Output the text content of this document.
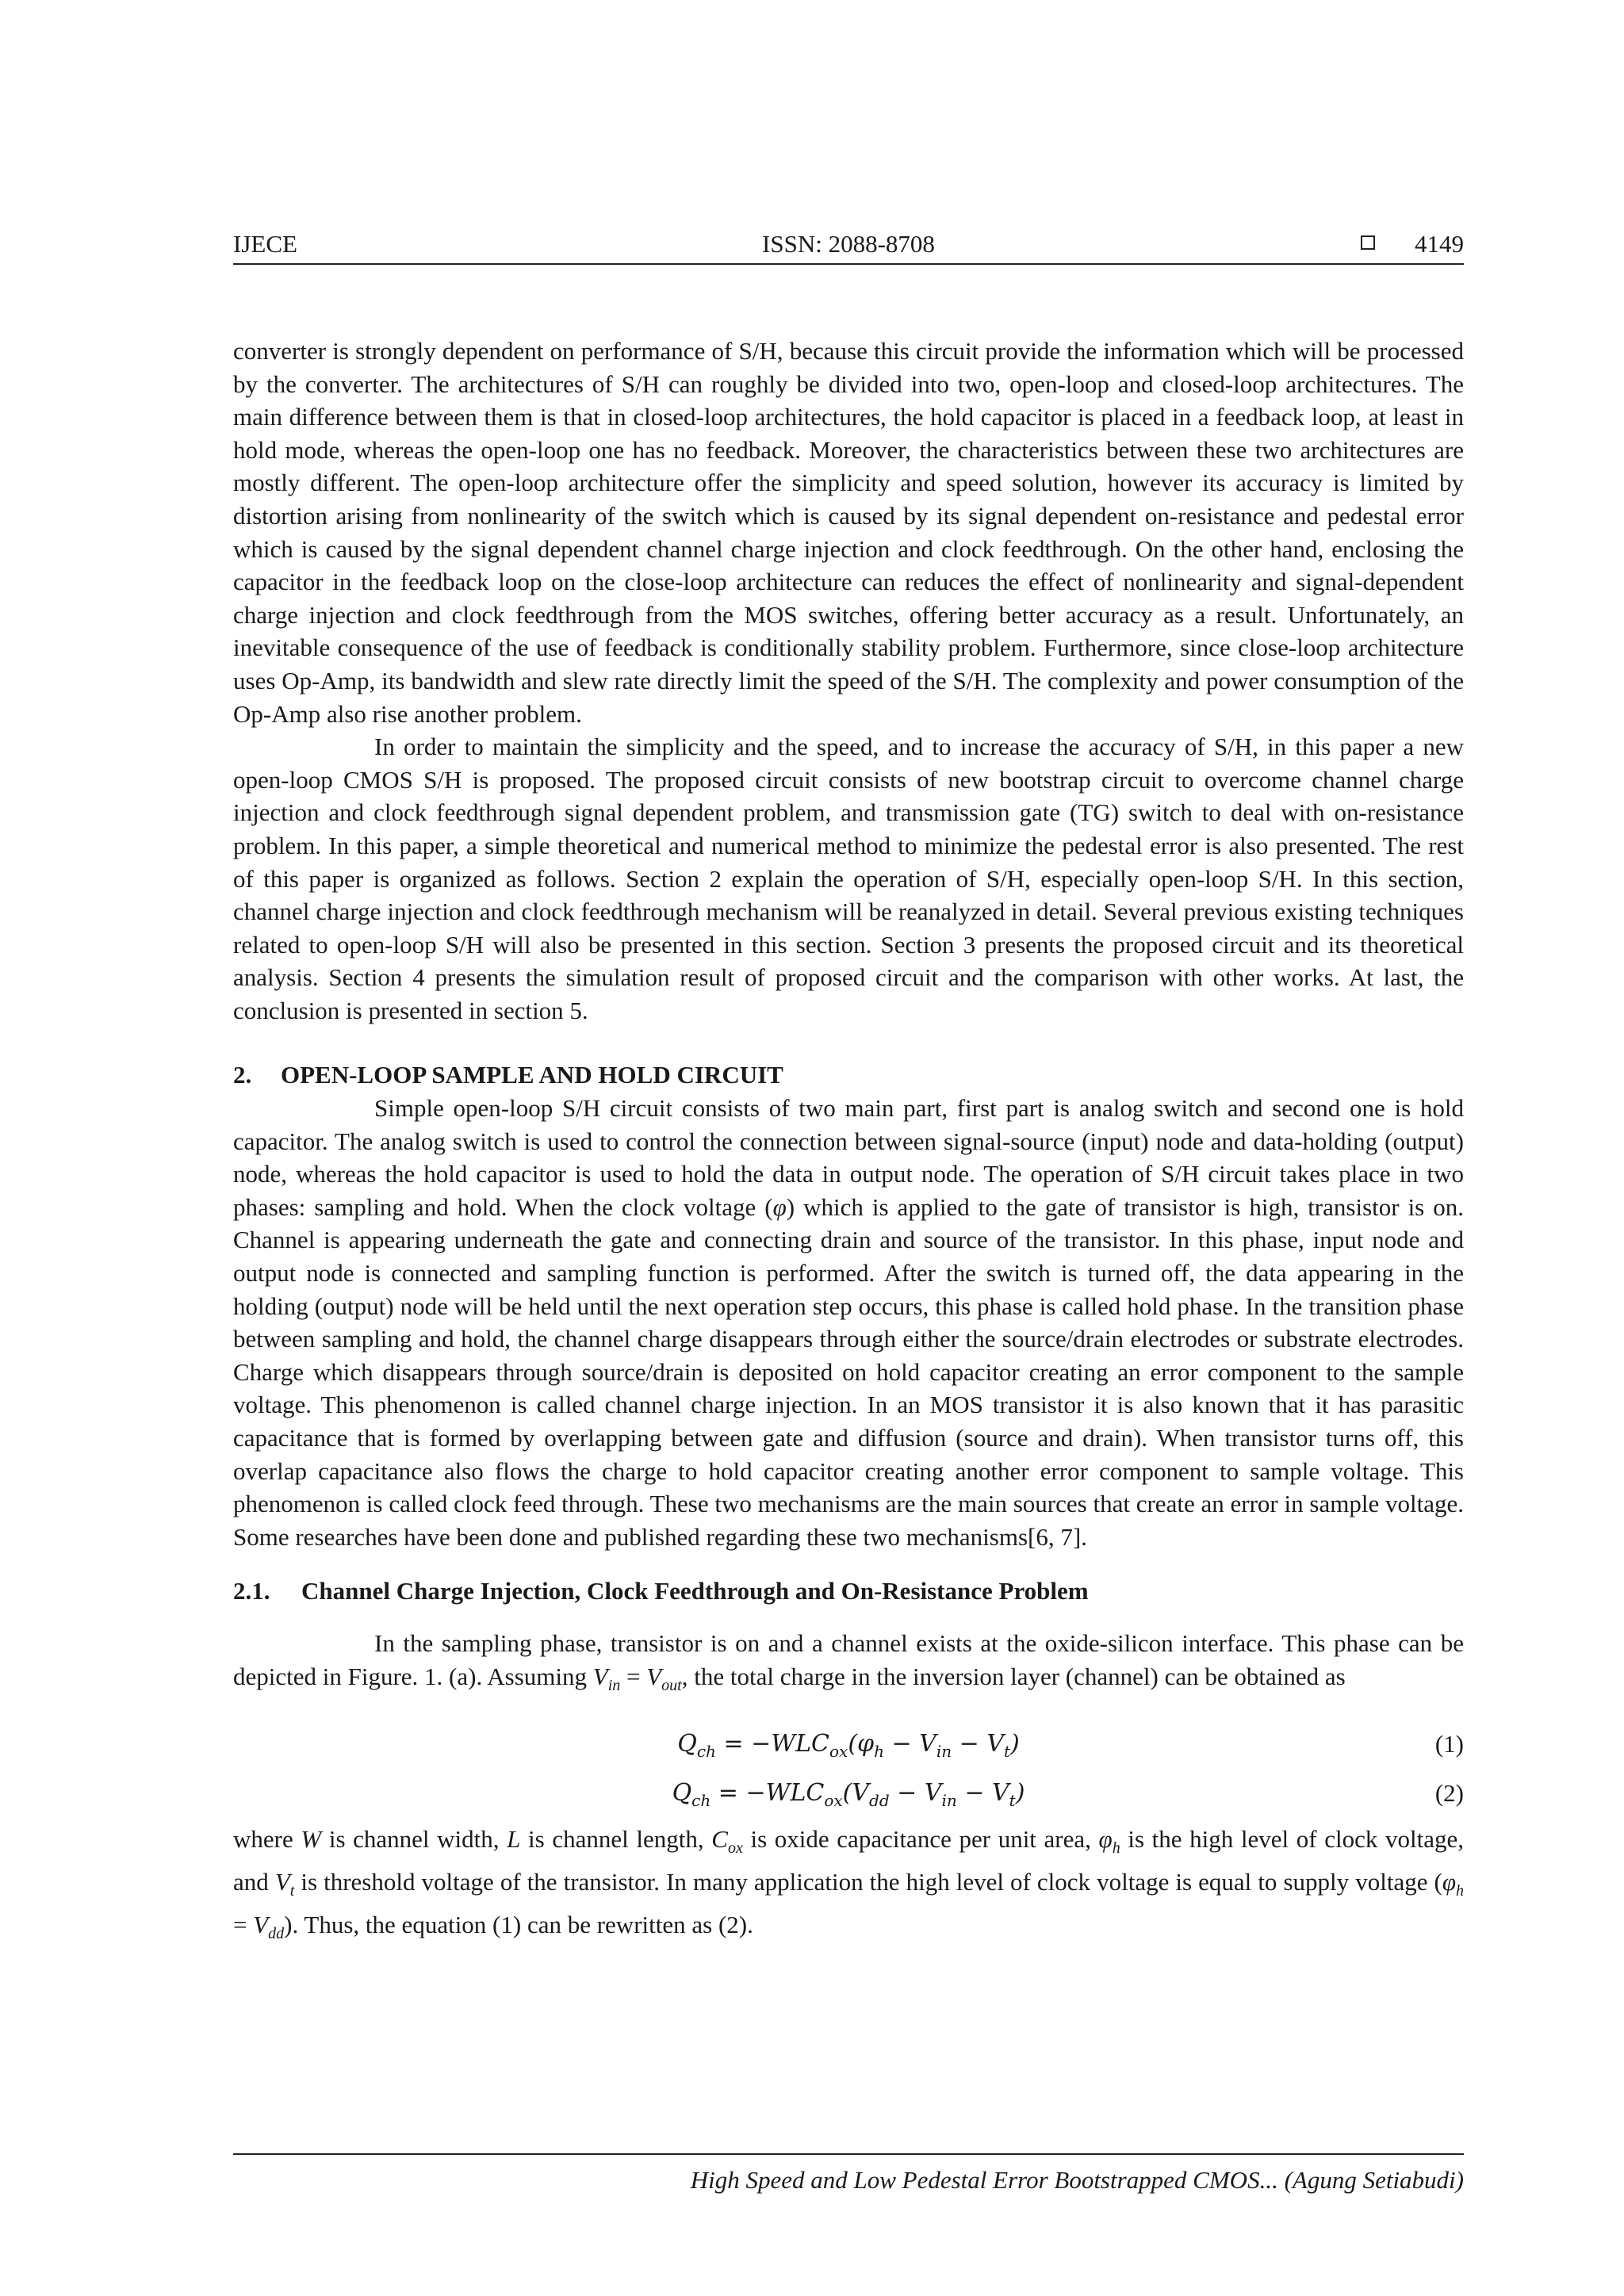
IJECE	ISSN: 2088-8708	4149

converter is strongly dependent on performance of S/H, because this circuit provide the information which will be processed by the converter. The architectures of S/H can roughly be divided into two, open-loop and closed-loop architectures. The main difference between them is that in closed-loop architectures, the hold capacitor is placed in a feedback loop, at least in hold mode, whereas the open-loop one has no feedback. Moreover, the characteristics between these two architectures are mostly different. The open-loop architecture offer the simplicity and speed solution, however its accuracy is limited by distortion arising from nonlinearity of the switch which is caused by its signal dependent on-resistance and pedestal error which is caused by the signal dependent channel charge injection and clock feedthrough. On the other hand, enclosing the capacitor in the feedback loop on the close-loop architecture can reduces the effect of nonlinearity and signal-dependent charge injection and clock feedthrough from the MOS switches, offering better accuracy as a result. Unfortunately, an inevitable consequence of the use of feedback is conditionally stability problem. Furthermore, since close-loop architecture uses Op-Amp, its bandwidth and slew rate directly limit the speed of the S/H. The complexity and power consumption of the Op-Amp also rise another problem.

In order to maintain the simplicity and the speed, and to increase the accuracy of S/H, in this paper a new open-loop CMOS S/H is proposed. The proposed circuit consists of new bootstrap circuit to overcome channel charge injection and clock feedthrough signal dependent problem, and transmission gate (TG) switch to deal with on-resistance problem. In this paper, a simple theoretical and numerical method to minimize the pedestal error is also presented. The rest of this paper is organized as follows. Section 2 explain the operation of S/H, especially open-loop S/H. In this section, channel charge injection and clock feedthrough mechanism will be reanalyzed in detail. Several previous existing techniques related to open-loop S/H will also be presented in this section. Section 3 presents the proposed circuit and its theoretical analysis. Section 4 presents the simulation result of proposed circuit and the comparison with other works. At last, the conclusion is presented in section 5.

2. OPEN-LOOP SAMPLE AND HOLD CIRCUIT

Simple open-loop S/H circuit consists of two main part, first part is analog switch and second one is hold capacitor. The analog switch is used to control the connection between signal-source (input) node and data-holding (output) node, whereas the hold capacitor is used to hold the data in output node. The operation of S/H circuit takes place in two phases: sampling and hold. When the clock voltage (φ) which is applied to the gate of transistor is high, transistor is on. Channel is appearing underneath the gate and connecting drain and source of the transistor. In this phase, input node and output node is connected and sampling function is performed. After the switch is turned off, the data appearing in the holding (output) node will be held until the next operation step occurs, this phase is called hold phase. In the transition phase between sampling and hold, the channel charge disappears through either the source/drain electrodes or substrate electrodes. Charge which disappears through source/drain is deposited on hold capacitor creating an error component to the sample voltage. This phenomenon is called channel charge injection. In an MOS transistor it is also known that it has parasitic capacitance that is formed by overlapping between gate and diffusion (source and drain). When transistor turns off, this overlap capacitance also flows the charge to hold capacitor creating another error component to sample voltage. This phenomenon is called clock feed through. These two mechanisms are the main sources that create an error in sample voltage. Some researches have been done and published regarding these two mechanisms[6, 7].

2.1. Channel Charge Injection, Clock Feedthrough and On-Resistance Problem

In the sampling phase, transistor is on and a channel exists at the oxide-silicon interface. This phase can be depicted in Figure. 1. (a). Assuming $V_{in} = V_{out}$, the total charge in the inversion layer (channel) can be obtained as

$Q_{ch} = -WLC_{ox}(\varphi_h - V_{in} - V_t)$	(1)
$Q_{ch} = -WLC_{ox}(V_{dd} - V_{in} - V_t)$	(2)

where W is channel width, L is channel length, $C_{ox}$ is oxide capacitance per unit area, $\varphi_h$ is the high level of clock voltage, and $V_t$ is threshold voltage of the transistor. In many application the high level of clock voltage is equal to supply voltage $(\varphi_h = V_{dd})$. Thus, the equation (1) can be rewritten as (2).

High Speed and Low Pedestal Error Bootstrapped CMOS... (Agung Setiabudi)
